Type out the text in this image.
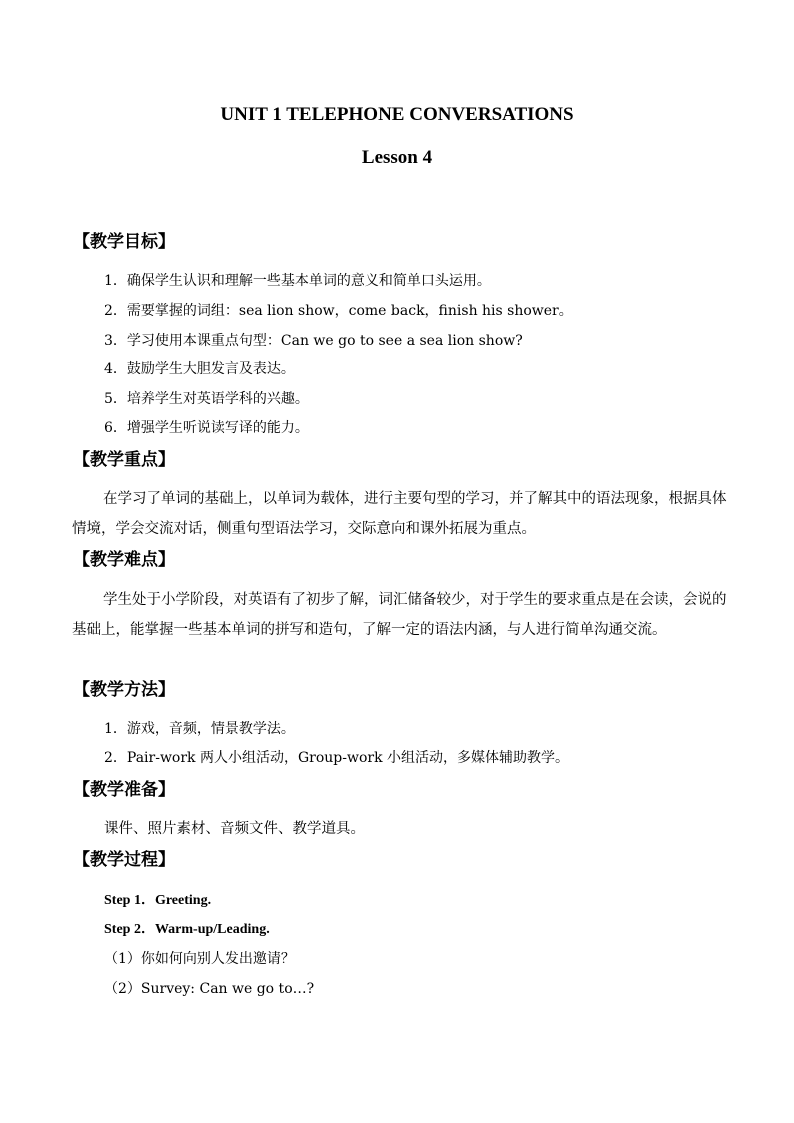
UNIT 1 TELEPHONE CONVERSATIONS
Lesson 4
【教学目标】
1．确保学生认识和理解一些基本单词的意义和简单口头运用。
2．需要掌握的词组：sea lion show，come back，finish his shower。
3．学习使用本课重点句型：Can we go to see a sea lion show?
4．鼓励学生大胆发言及表达。
5．培养学生对英语学科的兴趣。
6．增强学生听说读写译的能力。
【教学重点】

在学习了单词的基础上，以单词为载体，进行主要句型的学习，并了解其中的语法现象，根据具体情境，学会交流对话，侧重句型语法学习，交际意向和课外拓展为重点。

【教学难点】

学生处于小学阶段，对英语有了初步了解，词汇储备较少，对于学生的要求重点是在会读，会说的基础上，能掌握一些基本单词的拼写和造句，了解一定的语法内涵，与人进行简单沟通交流。

【教学方法】
1．游戏，音频，情景教学法。
2．Pair-work 两人小组活动，Group-work 小组活动，多媒体辅助教学。
【教学准备】
课件、照片素材、音频文件、教学道具。
【教学过程】
Step 1．Greeting.
Step 2．Warm-up/Leading.
（1）你如何向别人发出邀请？
（2）Survey: Can we go to…?
